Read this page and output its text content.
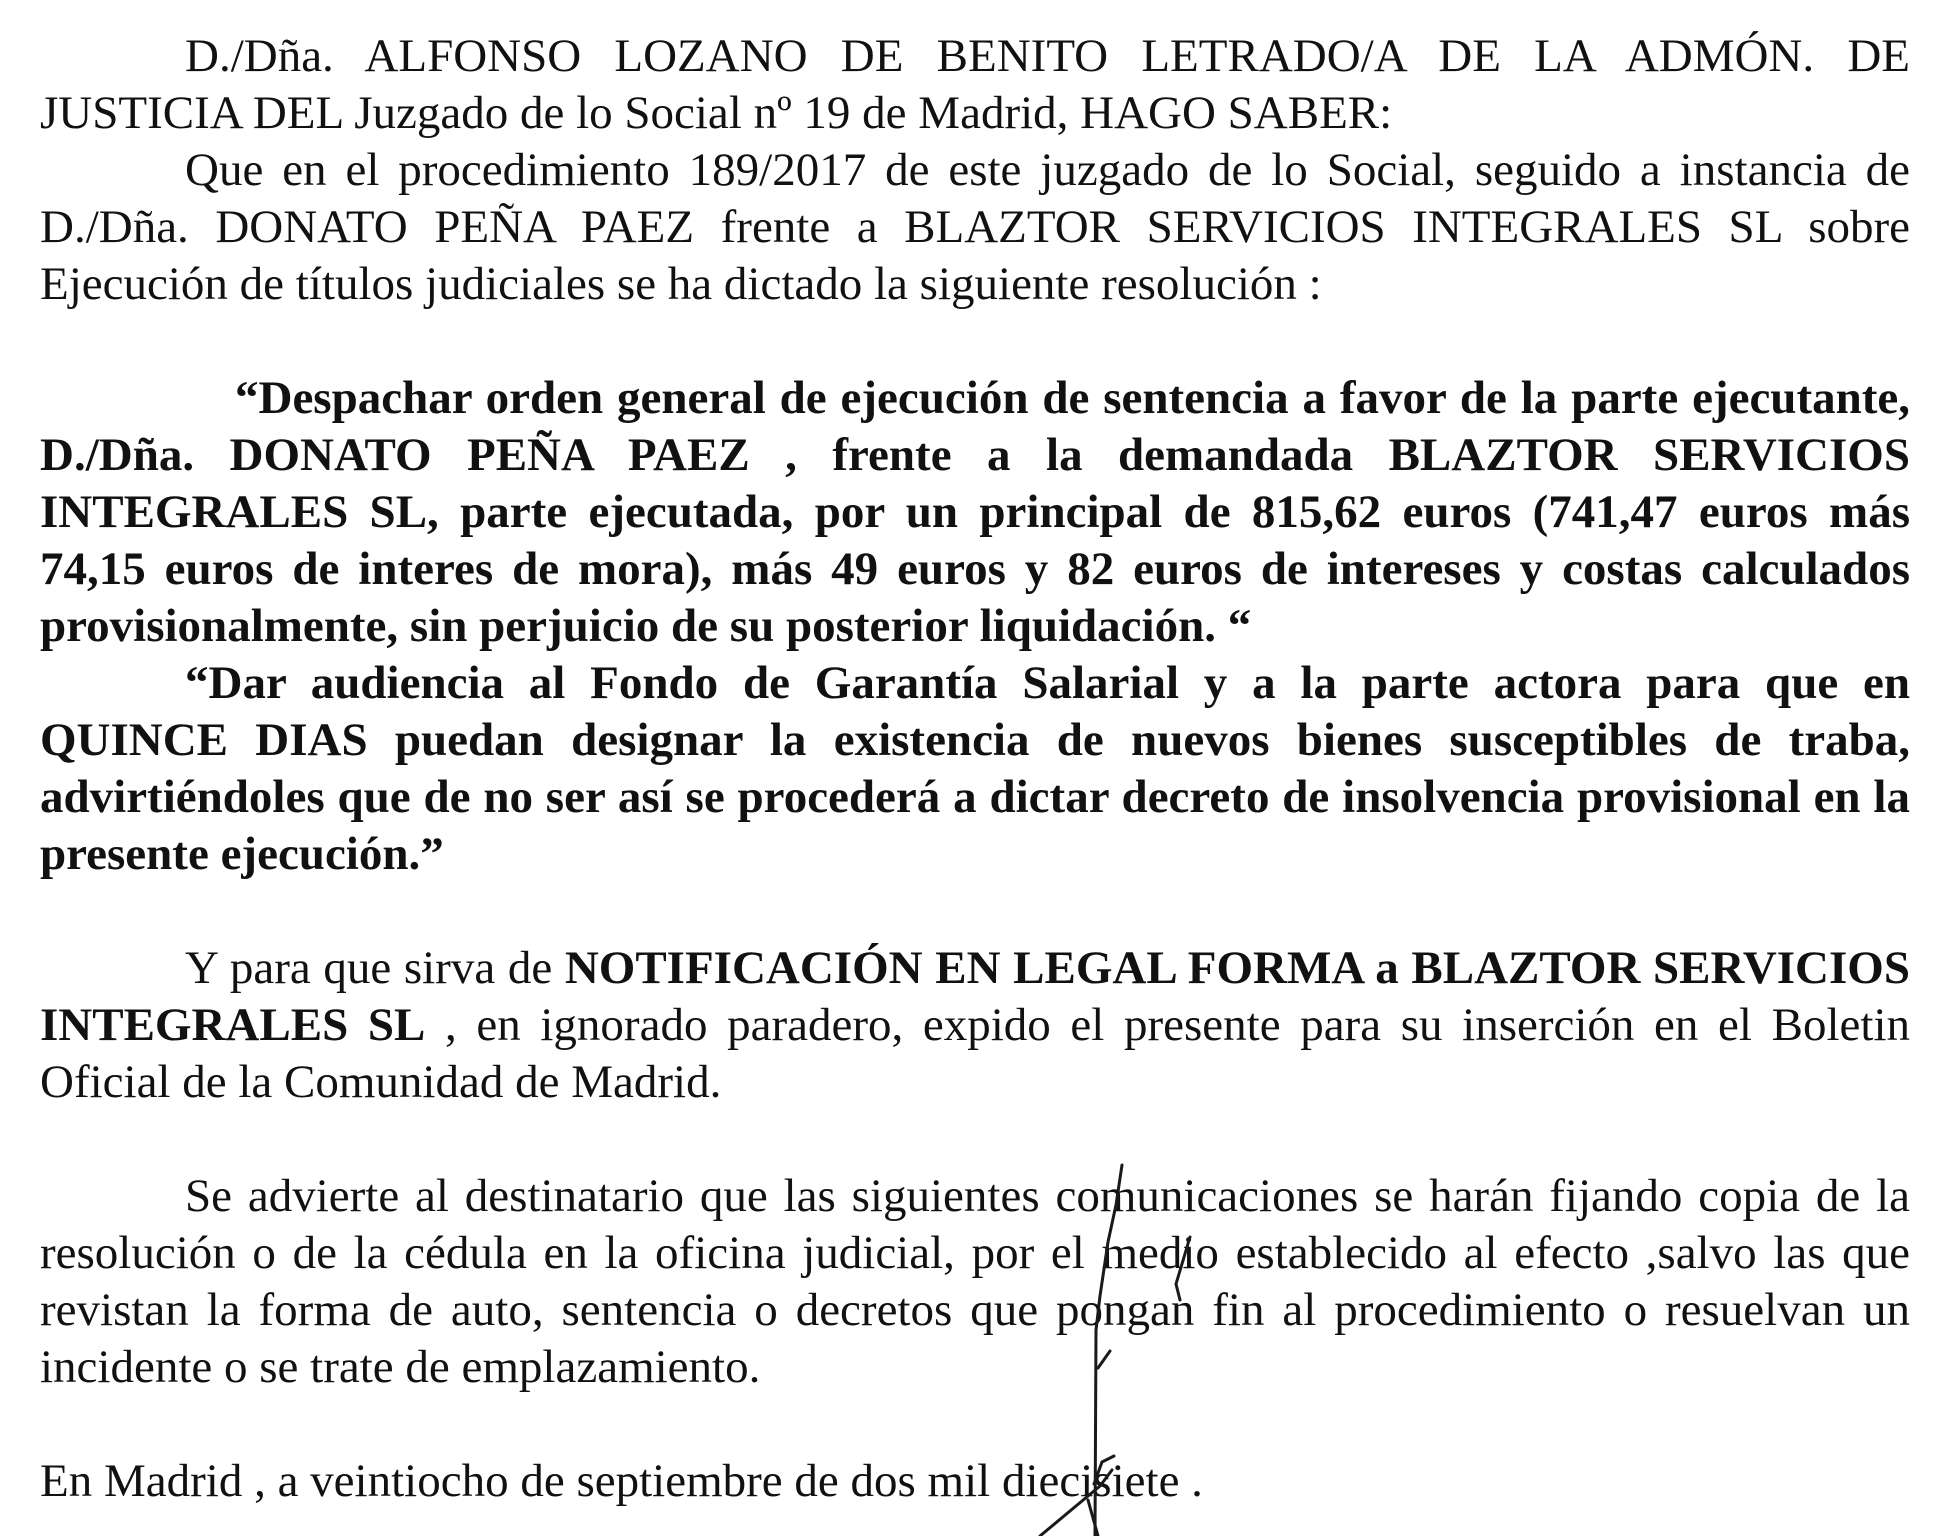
D./Dña. ALFONSO LOZANO DE BENITO LETRADO/A DE LA ADMÓN. DE JUSTICIA DEL Juzgado de lo Social nº 19 de Madrid, HAGO SABER:

Que en el procedimiento 189/2017 de este juzgado de lo Social, seguido a instancia de D./Dña. DONATO PEÑA PAEZ frente a BLAZTOR SERVICIOS INTEGRALES SL sobre Ejecución de títulos judiciales se ha dictado la siguiente resolución :

“Despachar orden general de ejecución de sentencia a favor de la parte ejecutante, D./Dña. DONATO PEÑA PAEZ , frente a la demandada BLAZTOR SERVICIOS INTEGRALES SL, parte ejecutada, por un principal de 815,62 euros (741,47 euros más 74,15 euros de interes de mora), más 49 euros y 82 euros de intereses y costas calculados provisionalmente, sin perjuicio de su posterior liquidación. “

“Dar audiencia al Fondo de Garantía Salarial y a la parte actora para que en QUINCE DIAS puedan designar la existencia de nuevos bienes susceptibles de traba, advirtiéndoles que de no ser así se procederá a dictar decreto de insolvencia provisional en la presente ejecución.”

Y para que sirva de NOTIFICACIÓN EN LEGAL FORMA a BLAZTOR SERVICIOS INTEGRALES SL , en ignorado paradero, expido el presente para su inserción en el Boletin Oficial de la Comunidad de Madrid.

Se advierte al destinatario que las siguientes comunicaciones se harán fijando copia de la resolución o de la cédula en la oficina judicial, por el medio establecido al efecto ,salvo las que revistan la forma de auto, sentencia o decretos que pongan fin al procedimiento o resuelvan un incidente o se trate de emplazamiento.

En Madrid , a veintiocho de septiembre de dos mil diecisiete .
